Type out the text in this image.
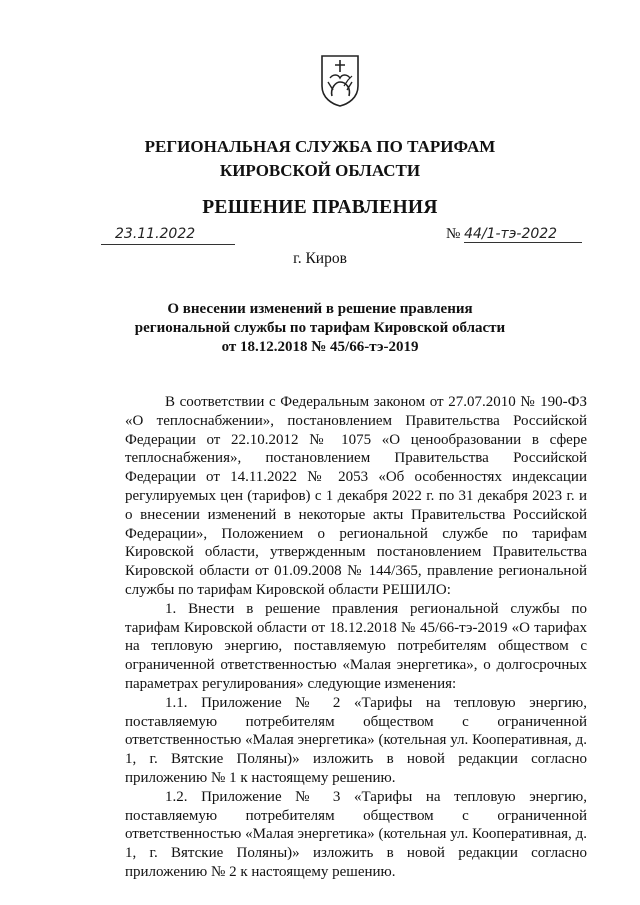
РЕГИОНАЛЬНАЯ СЛУЖБА ПО ТАРИФАМ
КИРОВСКОЙ ОБЛАСТИ
РЕШЕНИЕ ПРАВЛЕНИЯ
23.11.2022	№ 44/1-тэ-2022
г. Киров
О внесении изменений в решение правления
региональной службы по тарифам Кировской области
от 18.12.2018 № 45/66-тэ-2019

В соответствии с Федеральным законом от 27.07.2010 № 190-ФЗ «О теплоснабжении», постановлением Правительства Российской Федерации от 22.10.2012 № 1075 «О ценообразовании в сфере теплоснабжения», постановлением Правительства Российской Федерации от 14.11.2022 № 2053 «Об особенностях индексации регулируемых цен (тарифов) с 1 декабря 2022 г. по 31 декабря 2023 г. и о внесении изменений в некоторые акты Правительства Российской Федерации», Положением о региональной службе по тарифам Кировской области, утвержденным постановлением Правительства Кировской области от 01.09.2008 № 144/365, правление региональной службы по тарифам Кировской области РЕШИЛО:

1. Внести в решение правления региональной службы по тарифам Кировской области от 18.12.2018 № 45/66-тэ-2019 «О тарифах на тепловую энергию, поставляемую потребителям обществом с ограниченной ответственностью «Малая энергетика», о долгосрочных параметрах регулирования» следующие изменения:

1.1. Приложение № 2 «Тарифы на тепловую энергию, поставляемую потребителям обществом с ограниченной ответственностью «Малая энергетика» (котельная ул. Кооперативная, д. 1, г. Вятские Поляны)» изложить в новой редакции согласно приложению № 1 к настоящему решению.

1.2. Приложение № 3 «Тарифы на тепловую энергию, поставляемую потребителям обществом с ограниченной ответственностью «Малая энергетика» (котельная ул. Кооперативная, д. 1, г. Вятские Поляны)» изложить в новой редакции согласно приложению № 2 к настоящему решению.
